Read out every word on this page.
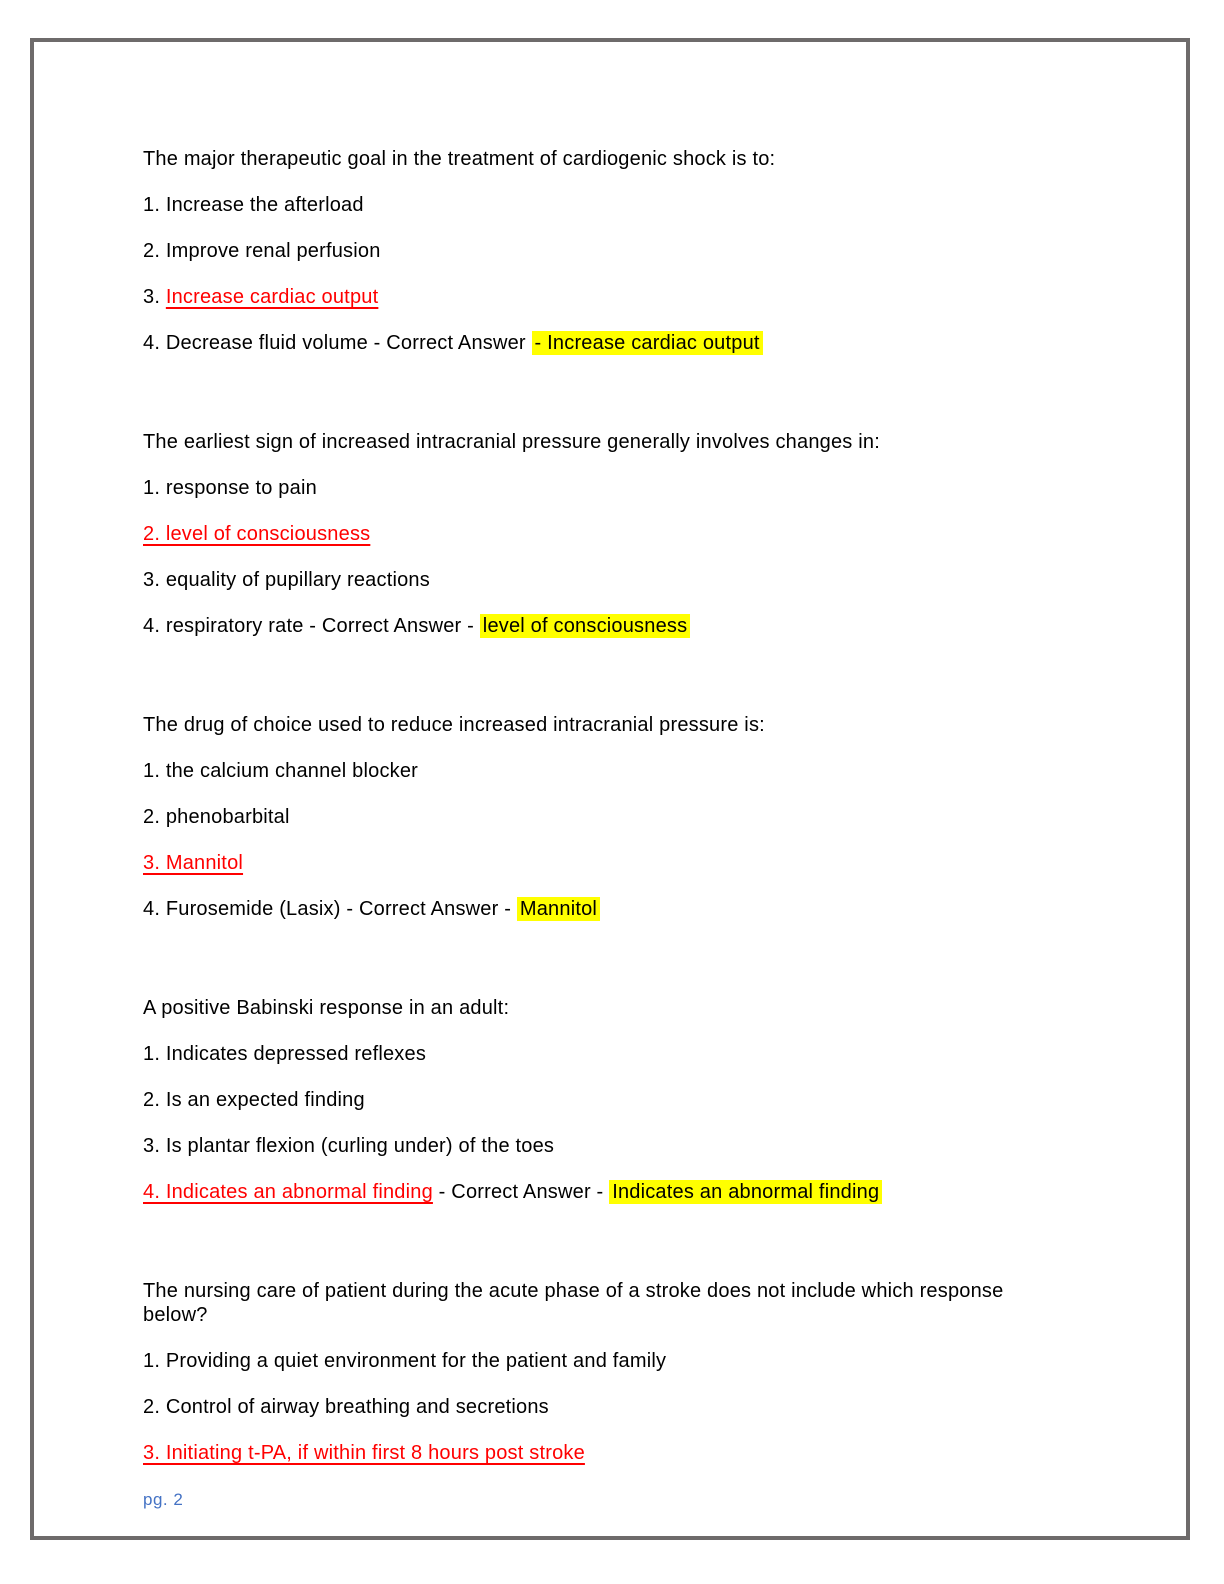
The major therapeutic goal in the treatment of cardiogenic shock is to:

1. Increase the afterload

2. Improve renal perfusion

3. Increase cardiac output

4. Decrease fluid volume - Correct Answer - Increase cardiac output

The earliest sign of increased intracranial pressure generally involves changes in:

1. response to pain

2. level of consciousness

3. equality of pupillary reactions

4. respiratory rate - Correct Answer - level of consciousness

The drug of choice used to reduce increased intracranial pressure is:

1. the calcium channel blocker

2. phenobarbital

3. Mannitol

4. Furosemide (Lasix) - Correct Answer - Mannitol

A positive Babinski response in an adult:

1. Indicates depressed reflexes

2. Is an expected finding

3. Is plantar flexion (curling under) of the toes

4. Indicates an abnormal finding - Correct Answer - Indicates an abnormal finding

The nursing care of patient during the acute phase of a stroke does not include which response below?

1. Providing a quiet environment for the patient and family

2. Control of airway breathing and secretions

3. Initiating t-PA, if within first 8 hours post stroke

pg. 2
